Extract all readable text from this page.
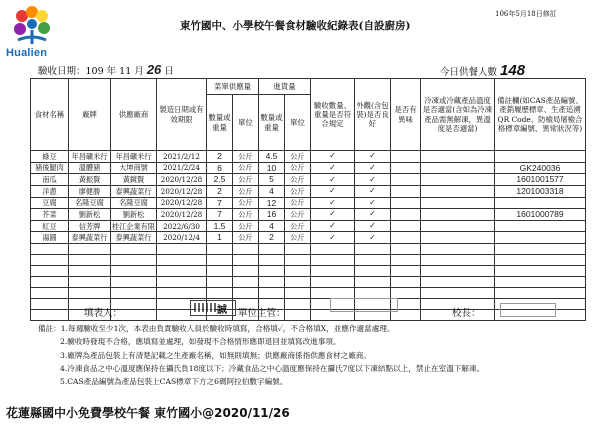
Hualien
106年5月18日修訂
東竹國中、小學校午餐食材驗收紀錄表(自設廚房)
驗收日期：109 年 11 月 26 日	今日供餐人數 148
食材名稱	廠牌	供應廠商	製造日期或有效期限	菜單供應量		進貨量		驗收數量、重量是否符合規定	外觀(含包裝)是否良好	是否有異味	冷凍或冷藏產品溫度是否適當(含如為冷凍產品需無解凍，異溫度是否適當)	備註欄(如CAS產品編號、產銷履歷標章、生產追溯QR Code、防檢局屠檢合格標章編號、異常狀況等)
				數量或重量	單位	數量或重量	單位					
綠豆	年昌礦米行	年昌礦米行	2021/2/12	2	公斤	4.5	公斤	✓	✓			
豬後腿肉	溫體豬	大坤商號	2021/2/24	6	公斤	10	公斤	✓	✓			GK240036
南瓜	黃振賢	黃鏡賢	2020/12/28	2.5	公斤	5	公斤	✓	✓			1601001577
洋蔥	廖健勝	泰興蔬菜行	2020/12/28	2	公斤	4	公斤	✓	✓			1201003318
豆腐	名隆豆腐	名隆豆腐	2020/12/28	7	公斤	12	公斤	✓	✓			
芥菜	劉新松	劉新松	2020/12/28	7	公斤	16	公斤	✓	✓			1601000789
紅豆	信芳牌	桂江企業有限	2022/6/30	1.5	公斤	4	公斤	✓	✓			
湯圓	泰興蔬菜行	泰興蔬菜行	2020/12/4	1	公斤	2	公斤	✓	✓			

填表人：	誠 單位主管：	校長：
備註：1.每週驗收至少1次，本表由負責驗收人員於驗收時填寫，合格填✓，不合格填X，並應作適當處理。
2.驗收時發現不合格，應填寫並處理，如發現不合格情形應即退回並填寫改進事項。
3.廠牌為產品包裝上有清楚記載之生產廠名稱，如無則填無；供應廠商係指供應食材之廠商。
4.冷凍食品之中心溫度應保持在攝氏負18度以下；冷藏食品之中心溫度應保持在攝氏7度以下凍結點以上，禁止在室溫下解凍。
5.CAS產品編號為產品包裝上CAS標章下方之6碼阿拉伯數字編號。
花蓮縣國中小免費學校午餐 東竹國小@2020/11/26
